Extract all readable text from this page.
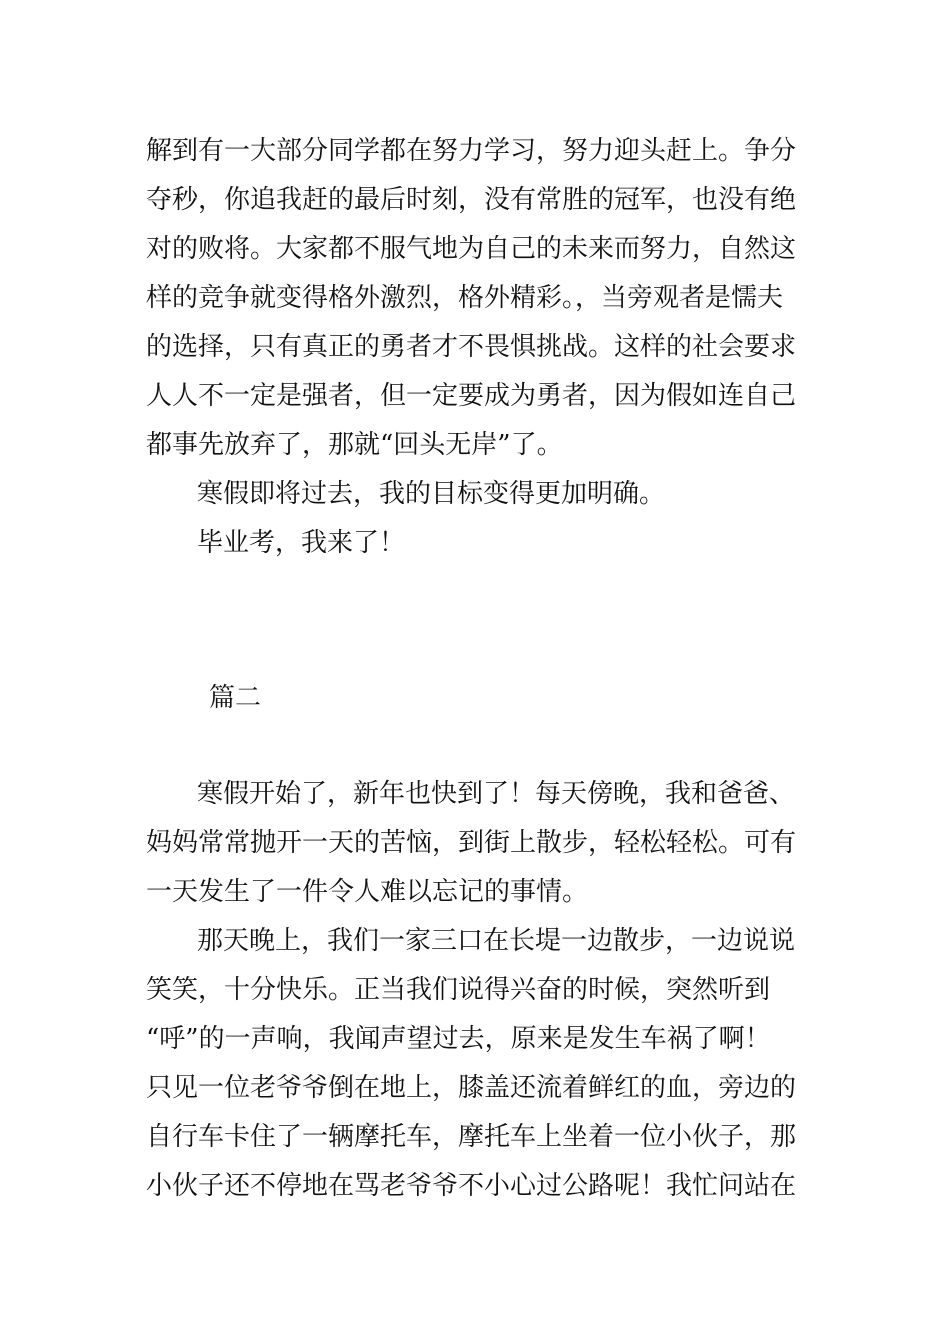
解到有一大部分同学都在努力学习，努力迎头赶上。争分
夺秒，你追我赶的最后时刻，没有常胜的冠军，也没有绝
对的败将。大家都不服气地为自己的未来而努力，自然这
样的竞争就变得格外激烈，格外精彩。，当旁观者是懦夫
的选择，只有真正的勇者才不畏惧挑战。这样的社会要求
人人不一定是强者，但一定要成为勇者，因为假如连自己
都事先放弃了，那就“回头无岸”了。
寒假即将过去，我的目标变得更加明确。
毕业考，我来了！
篇二
寒假开始了，新年也快到了！每天傍晚，我和爸爸、
妈妈常常抛开一天的苦恼，到街上散步，轻松轻松。可有
一天发生了一件令人难以忘记的事情。
那天晚上，我们一家三口在长堤一边散步，一边说说
笑笑，十分快乐。正当我们说得兴奋的时候，突然听到
“呼”的一声响，我闻声望过去，原来是发生车祸了啊！
只见一位老爷爷倒在地上，膝盖还流着鲜红的血，旁边的
自行车卡住了一辆摩托车，摩托车上坐着一位小伙子，那
小伙子还不停地在骂老爷爷不小心过公路呢！我忙问站在
